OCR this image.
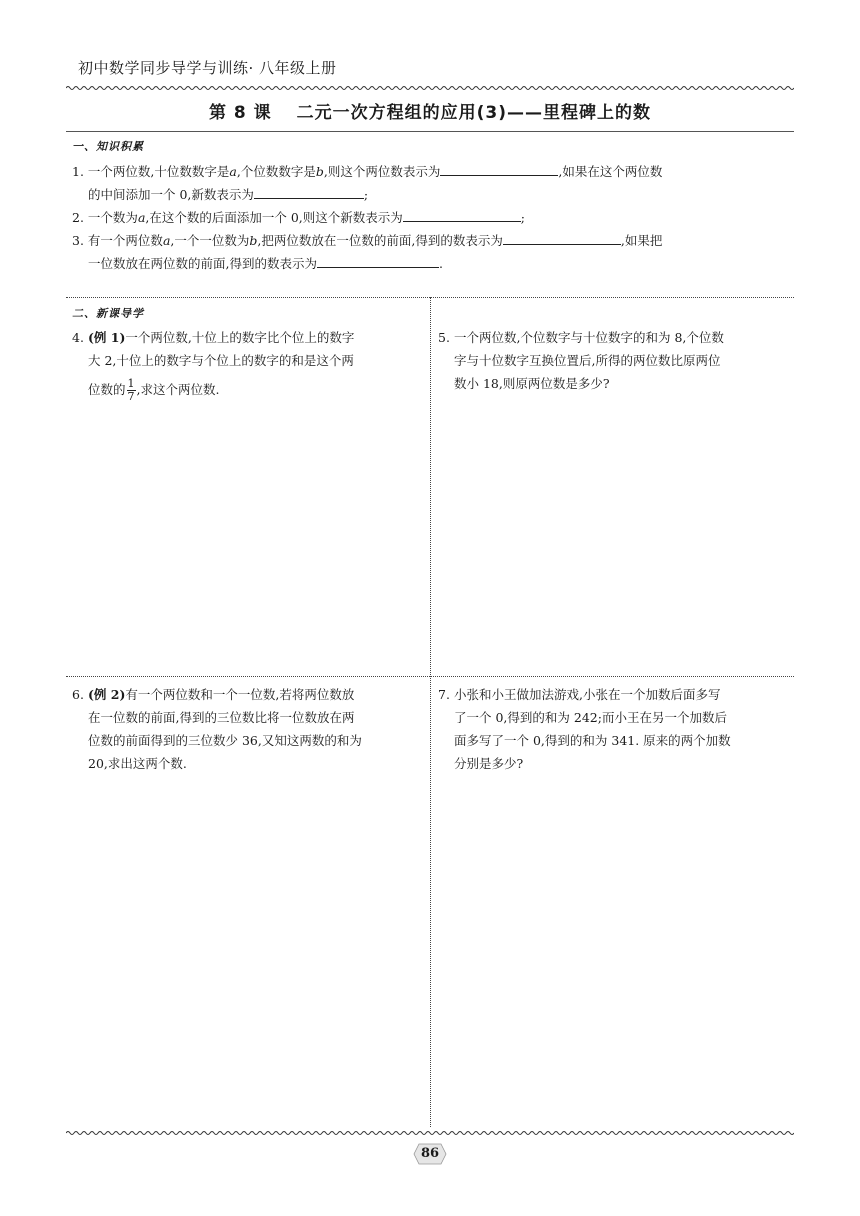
初中数学同步导学与训练· 八年级上册
第 8 课　 二元一次方程组的应用(3)——里程碑上的数
一、知识积累
1. 一个两位数,十位数数字是a,个位数数字是b,则这个两位数表示为	,如果在这个两位数
的中间添加一个 0,新数表示为	;
2. 一个数为a,在这个数的后面添加一个 0,则这个新数表示为	;
3. 有一个两位数a,一个一位数为b,把两位数放在一位数的前面,得到的数表示为	,如果把
一位数放在两位数的前面,得到的数表示为	.
二、新课导学
4. (例 1)一个两位数,十位上的数字比个位上的数字
大 2,十位上的数字与个位上的数字的和是这个两
位数的 $\frac{1}{7}$ ,求这个两位数.
5. 一个两位数,个位数字与十位数字的和为 8,个位数
字与十位数字互换位置后,所得的两位数比原两位
数小 18,则原两位数是多少?
6. (例 2)有一个两位数和一个一位数,若将两位数放
在一位数的前面,得到的三位数比将一位数放在两
位数的前面得到的三位数少 36,又知这两数的和为
20,求出这两个数.
7. 小张和小王做加法游戏,小张在一个加数后面多写
了一个 0,得到的和为 242;而小王在另一个加数后
面多写了一个 0,得到的和为 341. 原来的两个加数
分别是多少?
86
